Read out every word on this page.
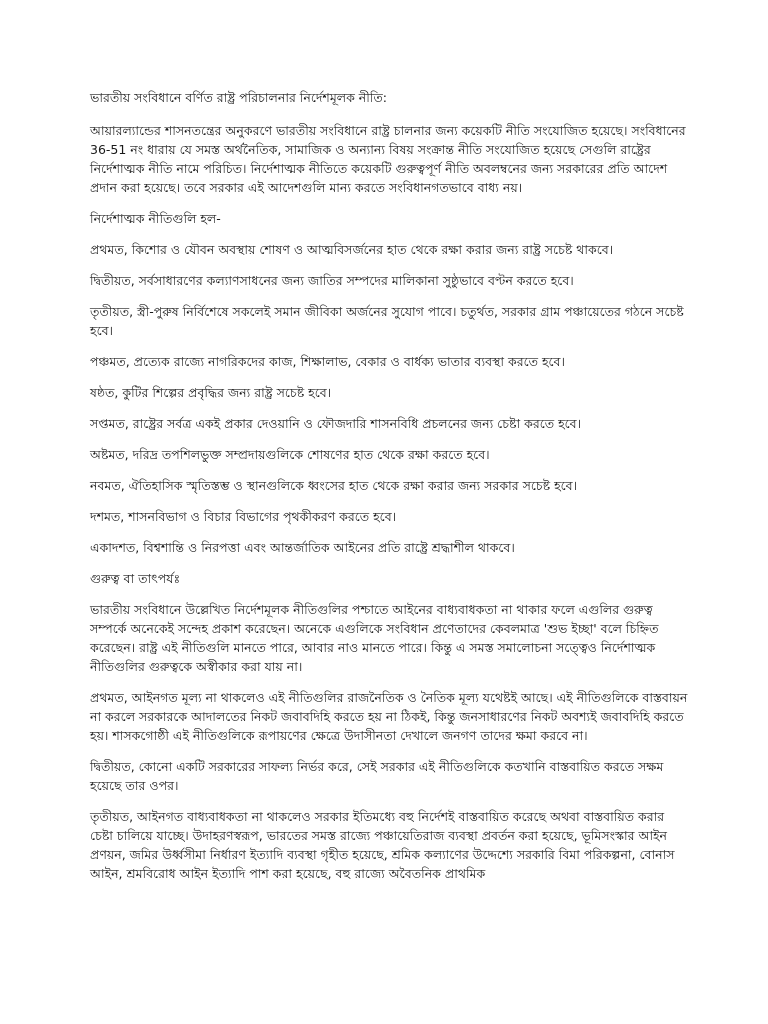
ভারতীয় সংবিধানে বর্ণিত রাষ্ট্র পরিচালনার নির্দেশমূলক নীতি:

আয়ারল্যান্ডের শাসনতন্ত্রের অনুকরণে ভারতীয় সংবিধানে রাষ্ট্র চালনার জন্য কয়েকটি নীতি সংযোজিত হয়েছে। সংবিধানের 36-51 নং ধারায় যে সমস্ত অর্থনৈতিক, সামাজিক ও অন্যান্য বিষয় সংক্রান্ত নীতি সংযোজিত হয়েছে সেগুলি রাষ্ট্রের নির্দেশাত্মক নীতি নামে পরিচিত। নির্দেশাত্মক নীতিতে কয়েকটি গুরুত্বপূর্ণ নীতি অবলম্বনের জন্য সরকারের প্রতি আদেশ প্রদান করা হয়েছে। তবে সরকার এই আদেশগুলি মান্য করতে সংবিধানগতভাবে বাধ্য নয়।

নির্দেশাত্মক নীতিগুলি হল-

প্রথমত, কিশোর ও যৌবন অবস্থায় শোষণ ও আত্মবিসর্জনের হাত থেকে রক্ষা করার জন্য রাষ্ট্র সচেষ্ট থাকবে।

দ্বিতীয়ত, সর্বসাধারণের কল্যাণসাধনের জন্য জাতির সম্পদের মালিকানা সুষ্ঠুভাবে বণ্টন করতে হবে।

তৃতীয়ত, স্ত্রী-পুরুষ নির্বিশেষে সকলেই সমান জীবিকা অর্জনের সুযোগ পাবে। চতুর্থত, সরকার গ্রাম পঞ্চায়েতের গঠনে সচেষ্ট হবে।

পঞ্চমত, প্রত্যেক রাজ্যে নাগরিকদের কাজ, শিক্ষালাভ, বেকার ও বার্ধক্য ভাতার ব্যবস্থা করতে হবে।

ষষ্ঠত, কুটির শিল্পের প্রবৃদ্ধির জন্য রাষ্ট্র সচেষ্ট হবে।

সপ্তমত, রাষ্ট্রের সর্বত্র একই প্রকার দেওয়ানি ও ফৌজদারি শাসনবিধি প্রচলনের জন্য চেষ্টা করতে হবে।

অষ্টমত, দরিদ্র তপশিলভুক্ত সম্প্রদায়গুলিকে শোষণের হাত থেকে রক্ষা করতে হবে।

নবমত, ঐতিহাসিক স্মৃতিস্তম্ভ ও স্থানগুলিকে ধ্বংসের হাত থেকে রক্ষা করার জন্য সরকার সচেষ্ট হবে।

দশমত, শাসনবিভাগ ও বিচার বিভাগের পৃথকীকরণ করতে হবে।

একাদশত, বিশ্বশান্তি ও নিরপত্তা এবং আন্তর্জাতিক আইনের প্রতি রাষ্ট্রে শ্রদ্ধাশীল থাকবে।

গুরুত্ব বা তাৎপর্যঃ

ভারতীয় সংবিধানে উল্লেখিত নির্দেশমূলক নীতিগুলির পশ্চাতে আইনের বাধ্যবাধকতা না থাকার ফলে এগুলির গুরুত্ব সম্পর্কে অনেকেই সন্দেহ প্রকাশ করেছেন। অনেকে এগুলিকে সংবিধান প্রণেতাদের কেবলমাত্র 'শুভ ইচ্ছা' বলে চিহ্নিত করেছেন। রাষ্ট্র এই নীতিগুলি মানতে পারে, আবার নাও মানতে পারে। কিন্তু এ সমস্ত সমালোচনা সত্ত্বেও নির্দেশাত্মক নীতিগুলির গুরুত্বকে অস্বীকার করা যায় না।

প্রথমত, আইনগত মূল্য না থাকলেও এই নীতিগুলির রাজনৈতিক ও নৈতিক মূল্য যথেষ্টই আছে। এই নীতিগুলিকে বাস্তবায়ন না করলে সরকারকে আদালতের নিকট জবাবদিহি করতে হয় না ঠিকই, কিন্তু জনসাধারণের নিকট অবশ্যই জবাবদিহি করতে হয়। শাসকগোষ্ঠী এই নীতিগুলিকে রূপায়ণের ক্ষেত্রে উদাসীনতা দেখালে জনগণ তাদের ক্ষমা করবে না।

দ্বিতীয়ত, কোনো একটি সরকারের সাফল্য নির্ভর করে, সেই সরকার এই নীতিগুলিকে কতখানি বাস্তবায়িত করতে সক্ষম হয়েছে তার ওপর।

তৃতীয়ত, আইনগত বাধ্যবাধকতা না থাকলেও সরকার ইতিমধ্যে বহু নির্দেশই বাস্তবায়িত করেছে অথবা বাস্তবায়িত করার চেষ্টা চালিয়ে যাচ্ছে। উদাহরণস্বরূপ, ভারতের সমস্ত রাজ্যে পঞ্চায়েতিরাজ ব্যবস্থা প্রবর্তন করা হয়েছে, ভূমিসংস্কার আইন প্রণয়ন, জমির উর্ধ্বসীমা নির্ধারণ ইত্যাদি ব্যবস্থা গৃহীত হয়েছে, শ্রমিক কল্যাণের উদ্দেশ্যে সরকারি বিমা পরিকল্পনা, বোনাস আইন, শ্রমবিরোধ আইন ইত্যাদি পাশ করা হয়েছে, বহু রাজ্যে অবৈতনিক প্রাথমিক
